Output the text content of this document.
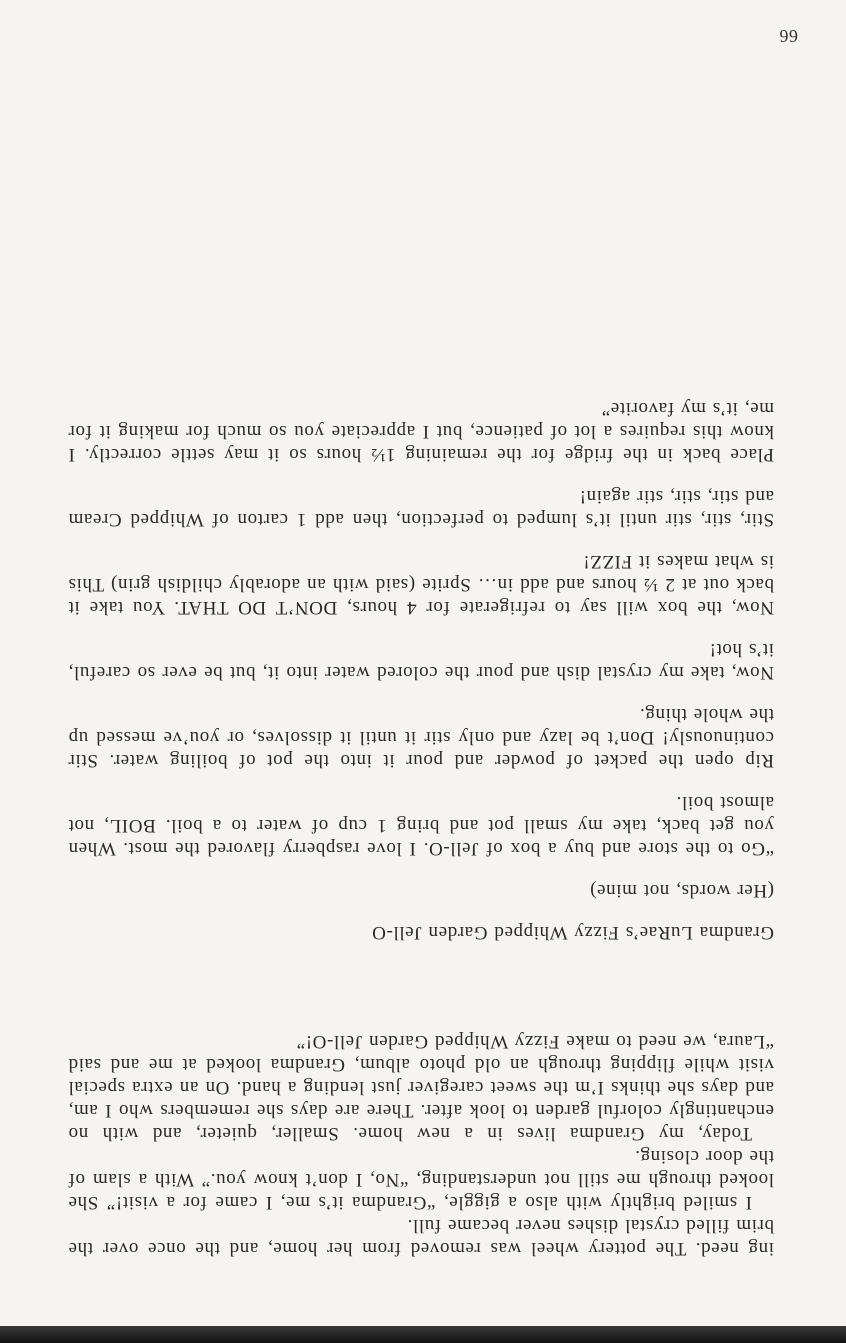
ing need. The pottery wheel was removed from her home, and the once over the brim filled crystal dishes never became full.

I smiled brightly with also a giggle, “Grandma it’s me, I came for a visit!” She looked through me still not understanding, “No, I don’t know you.” With a slam of the door closing.

Today, my Grandma lives in a new home. Smaller, quieter, and with no enchantingly colorful garden to look after. There are days she remembers who I am, and days she thinks I’m the sweet caregiver just lending a hand. On an extra special visit while flipping through an old photo album, Grandma looked at me and said “Laura, we need to make Fizzy Whipped Garden Jell-O!”

Grandma LuRae’s Fizzy Whipped Garden Jell-O

(Her words, not mine)

“Go to the store and buy a box of Jell-O. I love raspberry flavored the most. When you get back, take my small pot and bring 1 cup of water to a boil. BOIL, not almost boil.

Rip open the packet of powder and pour it into the pot of boiling water. Stir continuously! Don’t be lazy and only stir it until it dissolves, or you’ve messed up the whole thing.

Now, take my crystal dish and pour the colored water into it, but be ever so careful, it’s hot!

Now, the box will say to refrigerate for 4 hours, DON’T DO THAT. You take it back out at 2 ½ hours and add in… Sprite (said with an adorably childish grin) This is what makes it FIZZ!

Stir, stir, stir until it’s lumped to perfection, then add 1 carton of Whipped Cream and stir, stir, stir again!

Place back in the fridge for the remaining 1½ hours so it may settle correctly. I know this requires a lot of patience, but I appreciate you so much for making it for me, it’s my favorite”

66
